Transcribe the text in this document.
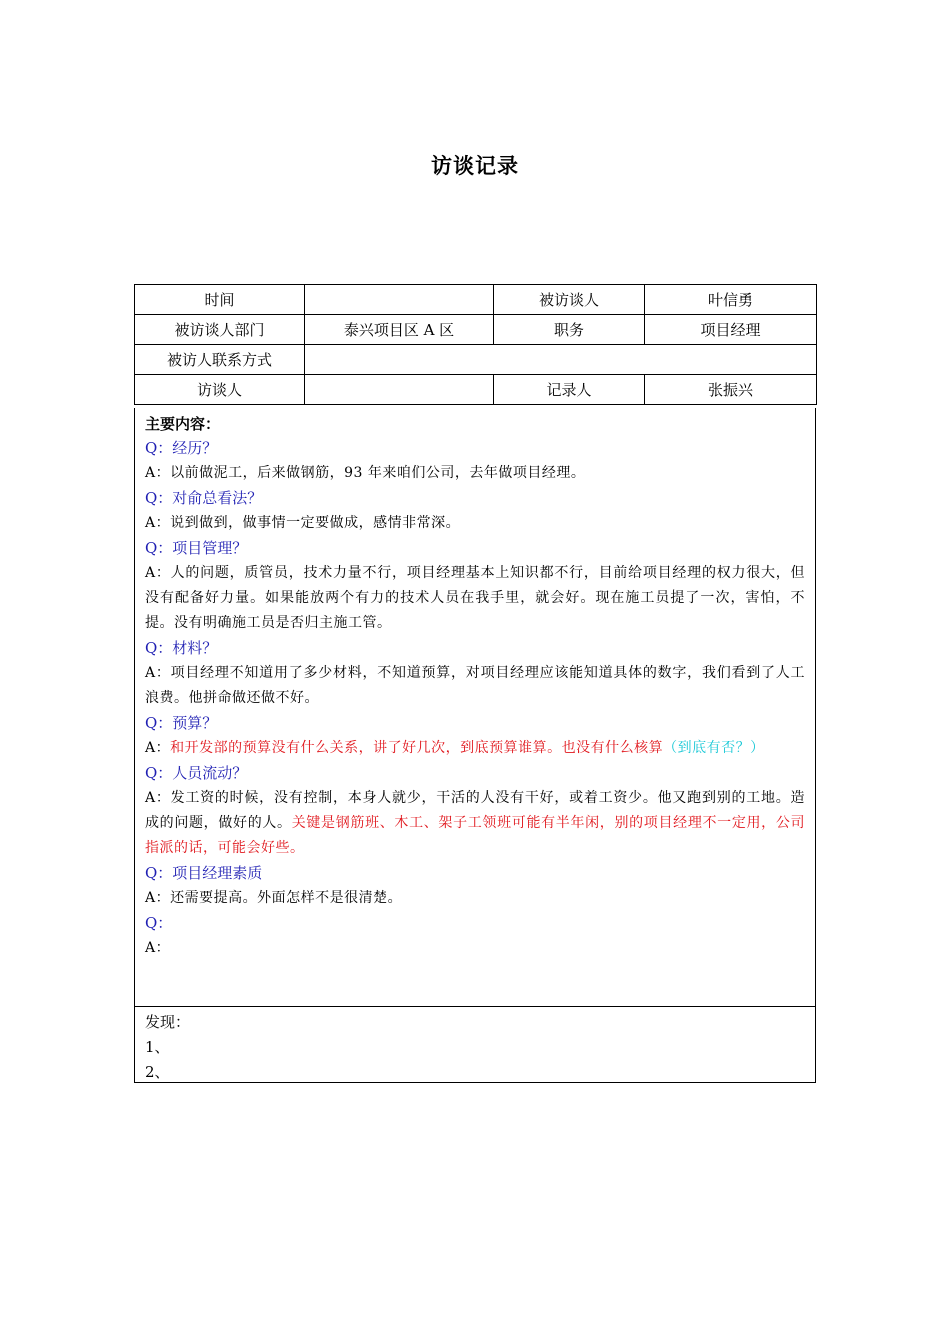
访谈记录
时间		被访谈人	叶信勇
被访谈人部门	泰兴项目区 A 区	职务	项目经理
被访人联系方式			
访谈人		记录人	张振兴
主要内容：
Q：经历？
A：以前做泥工，后来做钢筋，93 年来咱们公司，去年做项目经理。
Q：对俞总看法？
A：说到做到，做事情一定要做成，感情非常深。
Q：项目管理？
A：人的问题，质管员，技术力量不行，项目经理基本上知识都不行，目前给项目经理的权力很大，但没有配备好力量。如果能放两个有力的技术人员在我手里，就会好。现在施工员提了一次，害怕，不提。没有明确施工员是否归主施工管。
Q：材料？
A：项目经理不知道用了多少材料，不知道预算，对项目经理应该能知道具体的数字，我们看到了人工浪费。他拼命做还做不好。
Q：预算？
A：和开发部的预算没有什么关系，讲了好几次，到底预算谁算。也没有什么核算（到底有否？）
Q：人员流动？
A：发工资的时候，没有控制，本身人就少，干活的人没有干好，或着工资少。他又跑到别的工地。造成的问题，做好的人。关键是钢筋班、木工、架子工领班可能有半年闲，别的项目经理不一定用，公司指派的话，可能会好些。
Q：项目经理素质
A：还需要提高。外面怎样不是很清楚。
Q：
A：
发现：
1、
2、
